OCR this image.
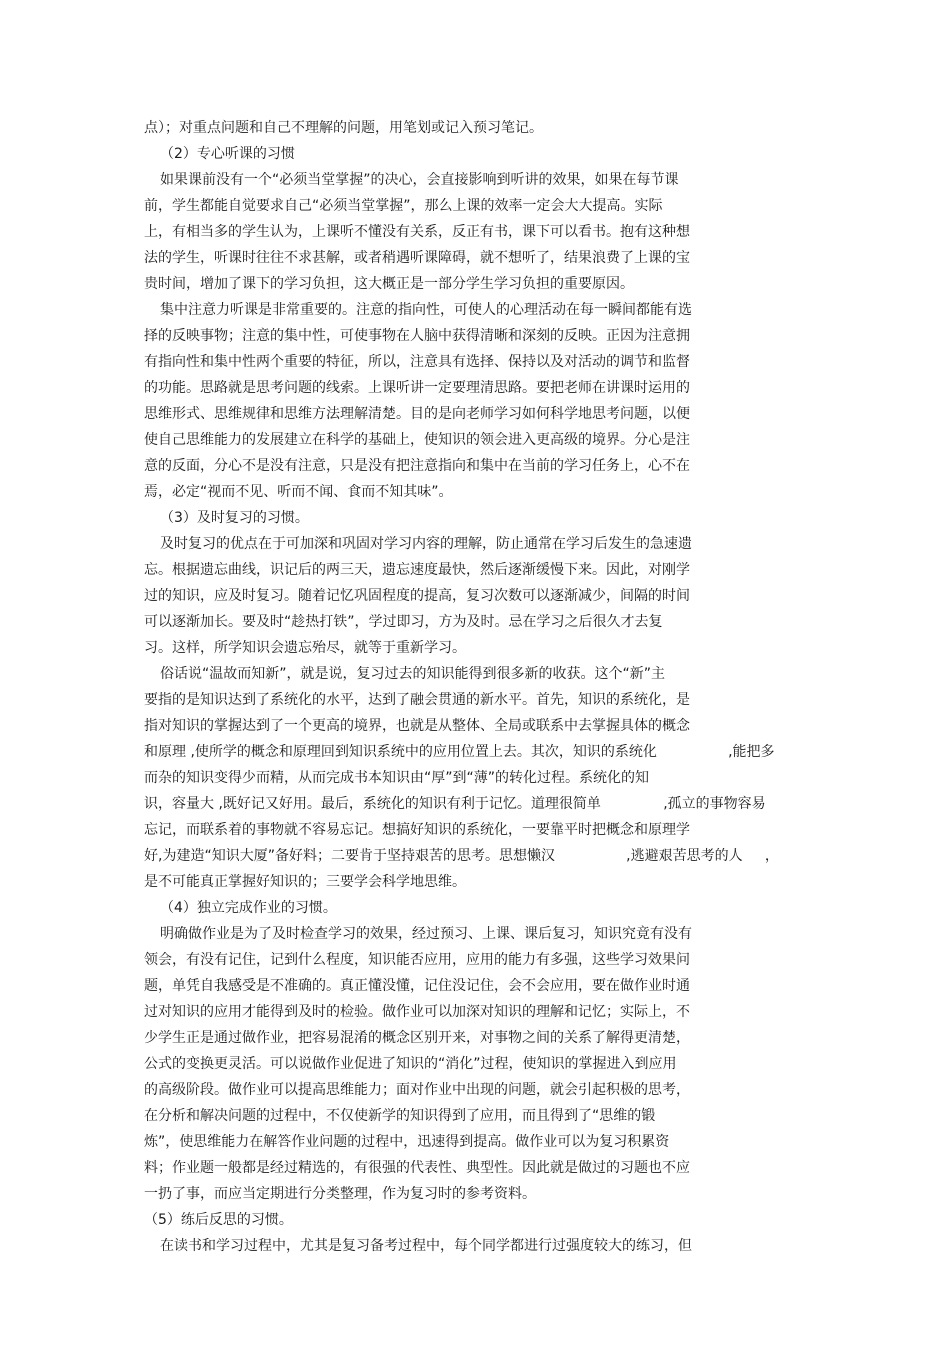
点）；对重点问题和自己不理解的问题，用笔划或记入预习笔记。
（2）专心听课的习惯
如果课前没有一个“必须当堂掌握”的决心，会直接影响到听讲的效果，如果在每节课
前，学生都能自觉要求自己“必须当堂掌握”，那么上课的效率一定会大大提高。实际
上，有相当多的学生认为，上课听不懂没有关系，反正有书，课下可以看书。抱有这种想
法的学生，听课时往往不求甚解，或者稍遇听课障碍，就不想听了，结果浪费了上课的宝
贵时间，增加了课下的学习负担，这大概正是一部分学生学习负担的重要原因。
集中注意力听课是非常重要的。注意的指向性，可使人的心理活动在每一瞬间都能有选
择的反映事物；注意的集中性，可使事物在人脑中获得清晰和深刻的反映。正因为注意拥
有指向性和集中性两个重要的特征，所以，注意具有选择、保持以及对活动的调节和监督
的功能。思路就是思考问题的线索。上课听讲一定要理清思路。要把老师在讲课时运用的
思维形式、思维规律和思维方法理解清楚。目的是向老师学习如何科学地思考问题，以便
使自己思维能力的发展建立在科学的基础上，使知识的领会进入更高级的境界。分心是注
意的反面，分心不是没有注意，只是没有把注意指向和集中在当前的学习任务上，心不在
焉，必定“视而不见、听而不闻、食而不知其味”。
（3）及时复习的习惯。
及时复习的优点在于可加深和巩固对学习内容的理解，防止通常在学习后发生的急速遗
忘。根据遗忘曲线，识记后的两三天，遗忘速度最快，然后逐渐缓慢下来。因此，对刚学
过的知识，应及时复习。随着记忆巩固程度的提高，复习次数可以逐渐减少，间隔的时间
可以逐渐加长。要及时“趁热打铁”，学过即习，方为及时。忌在学习之后很久才去复
习。这样，所学知识会遗忘殆尽，就等于重新学习。
俗话说“温故而知新”，就是说，复习过去的知识能得到很多新的收获。这个“新”主
要指的是知识达到了系统化的水平，达到了融会贯通的新水平。首先，知识的系统化，是
指对知识的掌握达到了一个更高的境界，也就是从整体、全局或联系中去掌握具体的概念
和原理 ,使所学的概念和原理回到知识系统中的应用位置上去。其次，知识的系统化                ,能把多
而杂的知识变得少而精，从而完成书本知识由“厚”到“薄”的转化过程。系统化的知
识，容量大 ,既好记又好用。最后，系统化的知识有利于记忆。道理很简单              ,孤立的事物容易
忘记，而联系着的事物就不容易忘记。想搞好知识的系统化，一要靠平时把概念和原理学
好,为建造“知识大厦”备好料；二要肯于坚持艰苦的思考。思想懒汉                ,逃避艰苦思考的人     ，
是不可能真正掌握好知识的；三要学会科学地思维。
（4）独立完成作业的习惯。
明确做作业是为了及时检查学习的效果，经过预习、上课、课后复习，知识究竟有没有
领会，有没有记住，记到什么程度，知识能否应用，应用的能力有多强，这些学习效果问
题，单凭自我感受是不准确的。真正懂没懂，记住没记住，会不会应用，要在做作业时通
过对知识的应用才能得到及时的检验。做作业可以加深对知识的理解和记忆；实际上，不
少学生正是通过做作业，把容易混淆的概念区别开来，对事物之间的关系了解得更清楚，
公式的变换更灵活。可以说做作业促进了知识的“消化”过程，使知识的掌握进入到应用
的高级阶段。做作业可以提高思维能力；面对作业中出现的问题，就会引起积极的思考，
在分析和解决问题的过程中，不仅使新学的知识得到了应用，而且得到了“思维的锻
炼”，使思维能力在解答作业问题的过程中，迅速得到提高。做作业可以为复习积累资
料；作业题一般都是经过精选的，有很强的代表性、典型性。因此就是做过的习题也不应
一扔了事，而应当定期进行分类整理，作为复习时的参考资料。
（5）练后反思的习惯。
在读书和学习过程中，尤其是复习备考过程中，每个同学都进行过强度较大的练习，但
